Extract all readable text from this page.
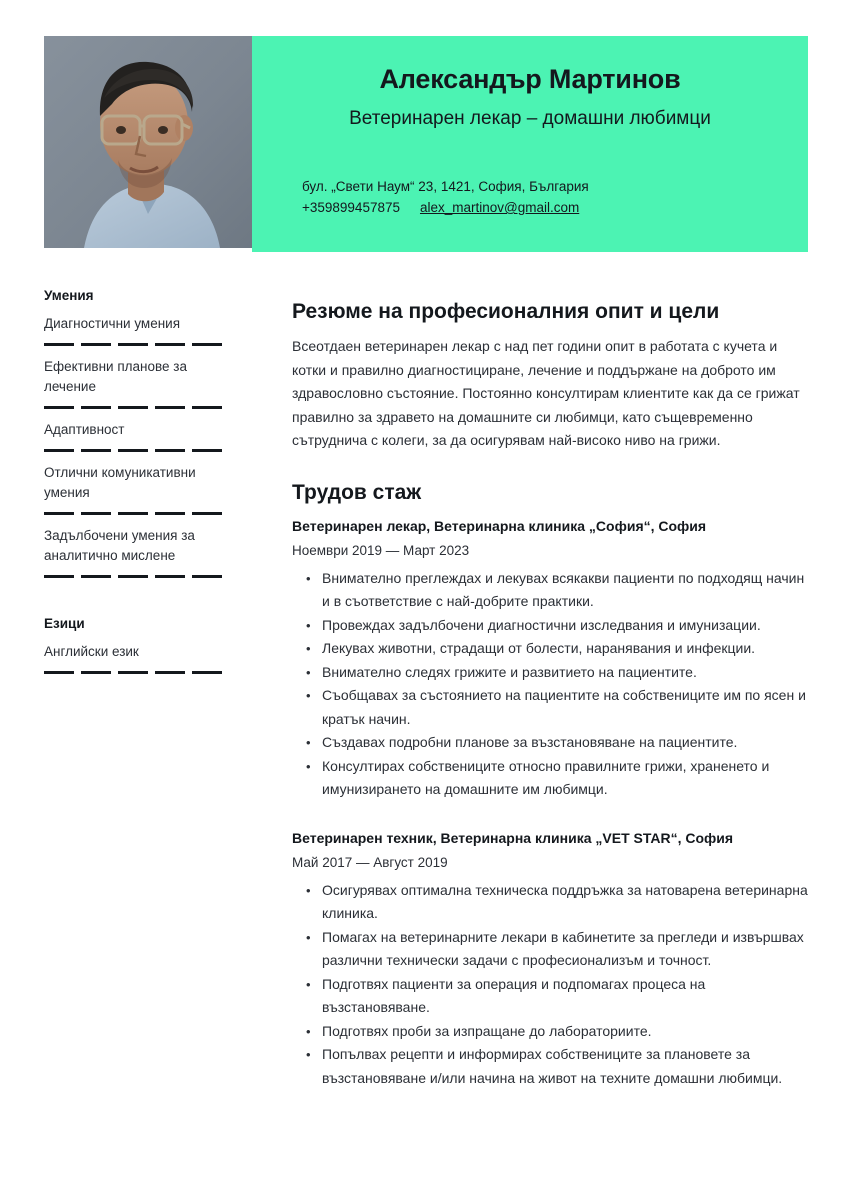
Александър Мартинов
Ветеринарен лекар – домашни любимци
бул. „Свети Наум“ 23, 1421, София, България
+359899457875 alex_martinov@gmail.com
Умения
Диагностични умения
Ефективни планове за лечение
Адаптивност
Отлични комуникативни умения
Задълбочени умения за аналитично мислене
Езици
Английски език
Резюме на професионалния опит и цели

Всеотдаен ветеринарен лекар с над пет години опит в работата с кучета и котки и правилно диагностициране, лечение и поддържане на доброто им здравословно състояние. Постоянно консултирам клиентите как да се грижат правилно за здравето на домашните си любимци, като същевременно сътруднича с колеги, за да осигурявам най-високо ниво на грижи.

Трудов стаж
Ветеринарен лекар, Ветеринарна клиника „София“, София
Ноември 2019 — Март 2023
• Внимателно преглеждах и лекувах всякакви пациенти по подходящ начин и в съответствие с най-добрите практики.
• Провеждах задълбочени диагностични изследвания и имунизации.
• Лекувах животни, страдащи от болести, наранявания и инфекции.
• Внимателно следях грижите и развитието на пациентите.
• Съобщавах за състоянието на пациентите на собствениците им по ясен и кратък начин.
• Създавах подробни планове за възстановяване на пациентите.
• Консултирах собствениците относно правилните грижи, храненето и имунизирането на домашните им любимци.
Ветеринарен техник, Ветеринарна клиника „VET STAR“, София
Май 2017 — Август 2019
• Осигурявах оптимална техническа поддръжка за натоварена ветеринарна клиника.
• Помагах на ветеринарните лекари в кабинетите за прегледи и извършвах различни технически задачи с професионализъм и точност.
• Подготвях пациенти за операция и подпомагах процеса на възстановяване.
• Подготвях проби за изпращане до лабораториите.
• Попълвах рецепти и информирах собствениците за плановете за възстановяване и/или начина на живот на техните домашни любимци.
